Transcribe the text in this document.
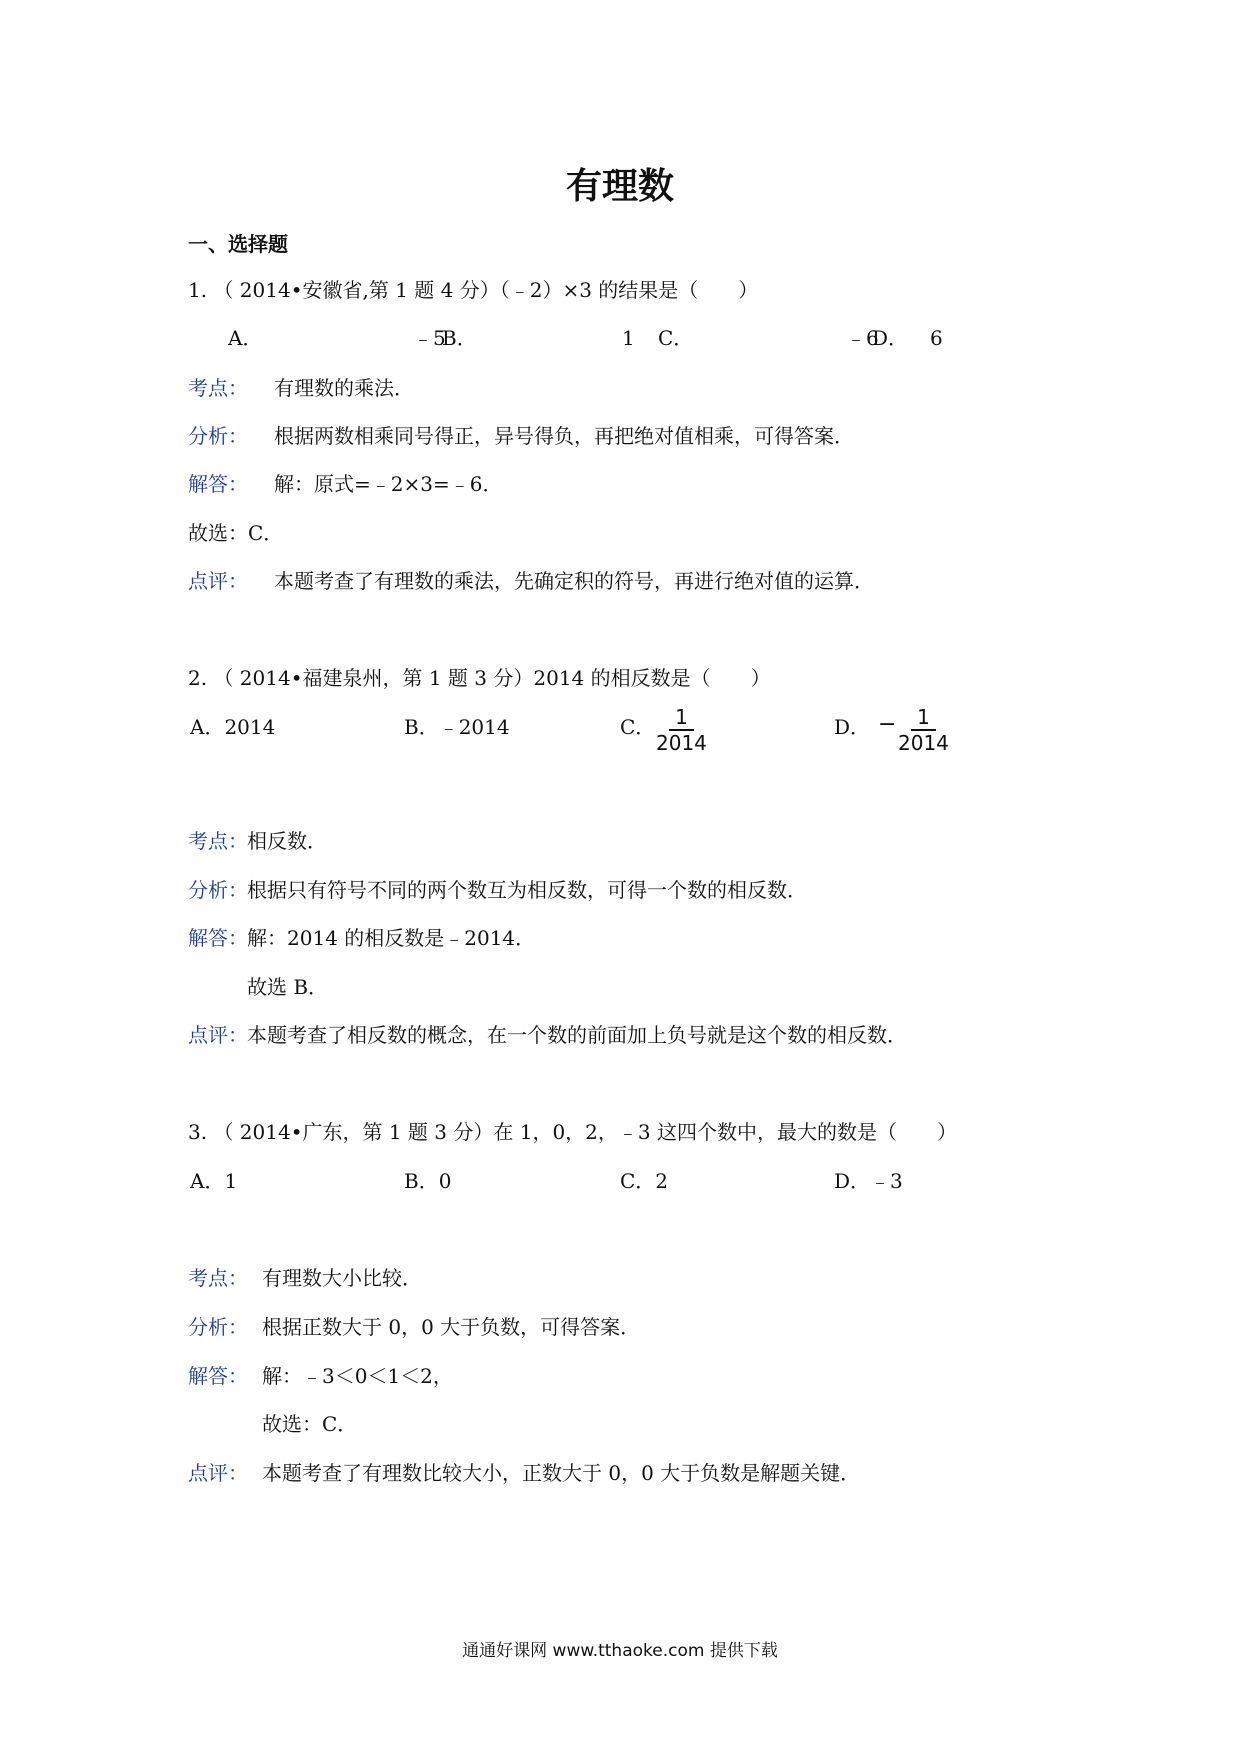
有理数
一、选择题
1. （ 2014•安徽省,第 1 题 4 分）（﹣2）×3 的结果是（　　）
A．	﹣5
B．	1 C．	﹣6
D． 6
考点： 有理数的乘法．
分析： 根据两数相乘同号得正，异号得负，再把绝对值相乘，可得答案．
解答： 解：原式=﹣2×3=﹣6．
故选：C．
点评： 本题考查了有理数的乘法，先确定积的符号，再进行绝对值的运算．
2. （ 2014•福建泉州，第 1 题 3 分）2014 的相反数是（　　）
A．2014	B．﹣2014	C．
$\frac{1}{2014}$	D． − $\frac{1}{2014}$
考点： 相反数．
分析： 根据只有符号不同的两个数互为相反数，可得一个数的相反数．
解答： 解：2014 的相反数是﹣2014．
故选 B．
点评： 本题考查了相反数的概念，在一个数的前面加上负号就是这个数的相反数．
3. （ 2014•广东，第 1 题 3 分）在 1，0，2，﹣3 这四个数中，最大的数是（　　）
A．1	B．0	C．2	D．﹣3
考点： 有理数大小比较．
分析： 根据正数大于 0，0 大于负数，可得答案．
解答： 解：﹣3＜0＜1＜2，
故选：C．
点评： 本题考查了有理数比较大小，正数大于 0，0 大于负数是解题关键．
通通好课网 www.tthaoke.com 提供下载
